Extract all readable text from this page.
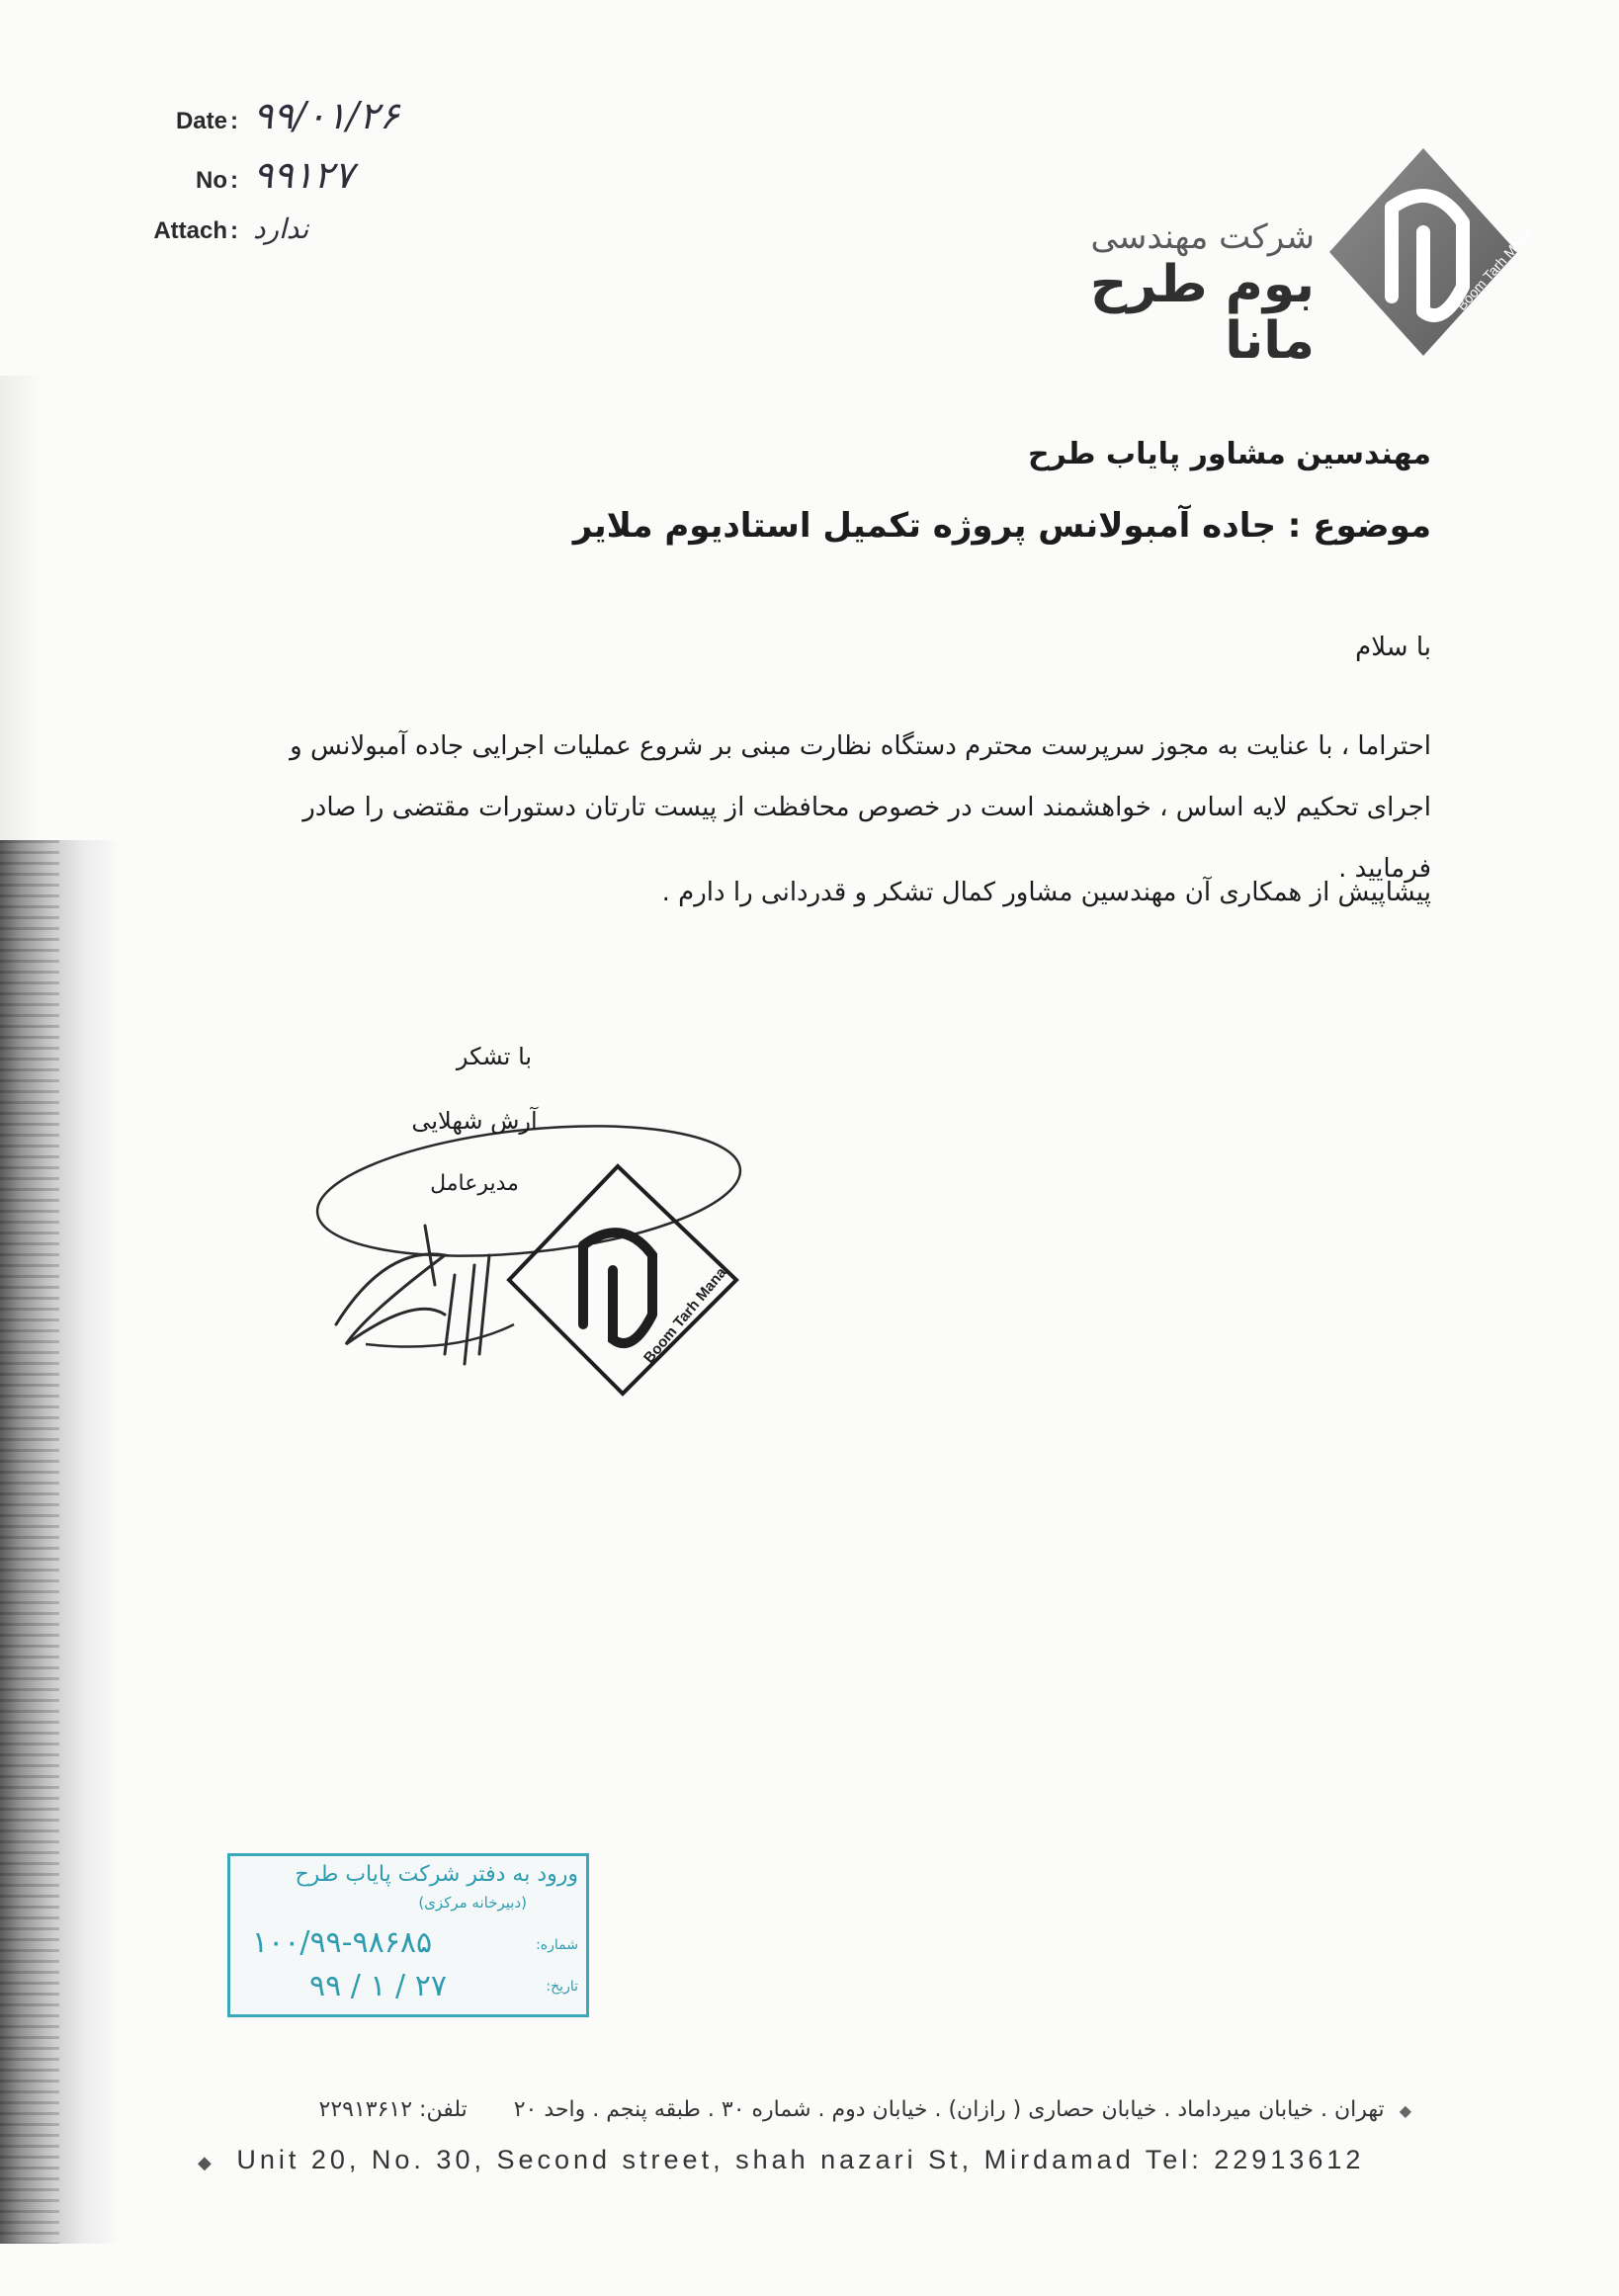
Date : ۹۹/۰۱/۲۶
No : ۹۹۱۲۷
Attach : ندارد	شرکت مهندسی
بوم طرح مانا
Boom Tarh Mana
مهندسین مشاور پایاب طرح
موضوع : جاده آمبولانس پروژه تکمیل استادیوم ملایر
با سلام
احتراما ، با عنایت به مجوز سرپرست محترم دستگاه نظارت مبنی بر شروع عملیات اجرایی جاده آمبولانس و اجرای تحکیم لایه اساس ، خواهشمند است در خصوص محافظت از پیست تارتان دستورات مقتضی را صادر فرمایید .
پیشاپیش از همکاری آن مهندسین مشاور کمال تشکر و قدردانی را دارم .
با تشکر
آرش شهلایی
مدیرعامل
Boom Tarh Mana
ورود به دفتر شرکت پایاب طرح
(دبیرخانه مرکزی)
شماره:
۱۰۰/۹۹-۹۸۶۸۵
تاریخ:
۹۹ / ۱ / ۲۷
◆ تهران . خیابان میرداماد . خیابان حصاری ( رازان) . خیابان دوم . شماره ۳۰ . طبقه پنجم . واحد ۲۰ تلفن: ۲۲۹۱۳۶۱۲
◆ Unit 20, No. 30, Second street, shah nazari St, Mirdamad Tel: 22913612
